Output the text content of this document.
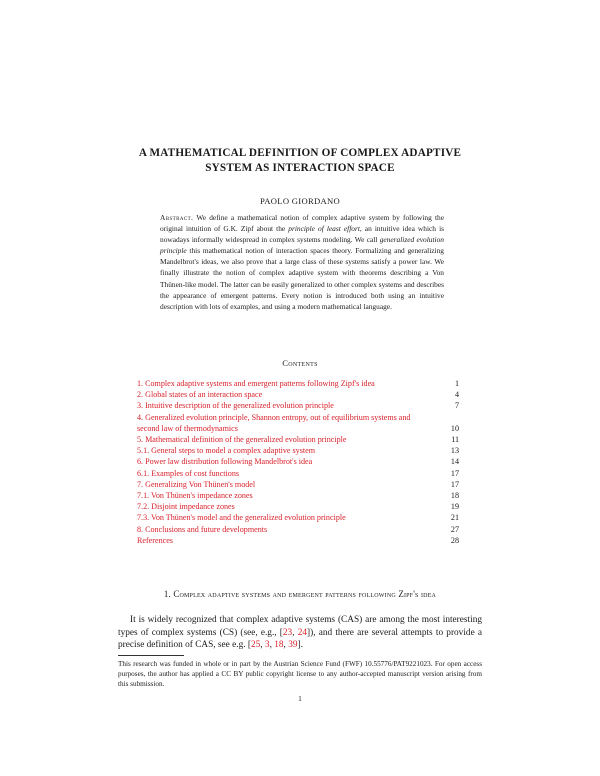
A MATHEMATICAL DEFINITION OF COMPLEX ADAPTIVE
SYSTEM AS INTERACTION SPACE
PAOLO GIORDANO
Abstract. We define a mathematical notion of complex adaptive system by following the original intuition of G.K. Zipf about the principle of least effort, an intuitive idea which is nowadays informally widespread in complex systems modeling. We call generalized evolution principle this mathematical notion of interaction spaces theory. Formalizing and generalizing Mandelbrot's ideas, we also prove that a large class of these systems satisfy a power law. We finally illustrate the notion of complex adaptive system with theorems describing a Von Thünen-like model. The latter can be easily generalized to other complex systems and describes the appearance of emergent patterns. Every notion is introduced both using an intuitive description with lots of examples, and using a modern mathematical language.
Contents
1. Complex adaptive systems and emergent patterns following Zipf's idea	1
2. Global states of an interaction space	4
3. Intuitive description of the generalized evolution principle	7
4. Generalized evolution principle, Shannon entropy, out of equilibrium systems and second law of thermodynamics	10
5. Mathematical definition of the generalized evolution principle	11
5.1. General steps to model a complex adaptive system	13
6. Power law distribution following Mandelbrot's idea	14
6.1. Examples of cost functions	17
7. Generalizing Von Thünen's model	17
7.1. Von Thünen's impedance zones	18
7.2. Disjoint impedance zones	19
7.3. Von Thünen's model and the generalized evolution principle	21
8. Conclusions and future developments	27
References	28
1. Complex adaptive systems and emergent patterns following Zipf's idea
It is widely recognized that complex adaptive systems (CAS) are among the most interesting types of complex systems (CS) (see, e.g., [23, 24]), and there are several attempts to provide a precise definition of CAS, see e.g. [25, 3, 18, 39].
This research was funded in whole or in part by the Austrian Science Fund (FWF) 10.55776/PAT9221023. For open access purposes, the author has applied a CC BY public copyright license to any author-accepted manuscript version arising from this submission.
1
